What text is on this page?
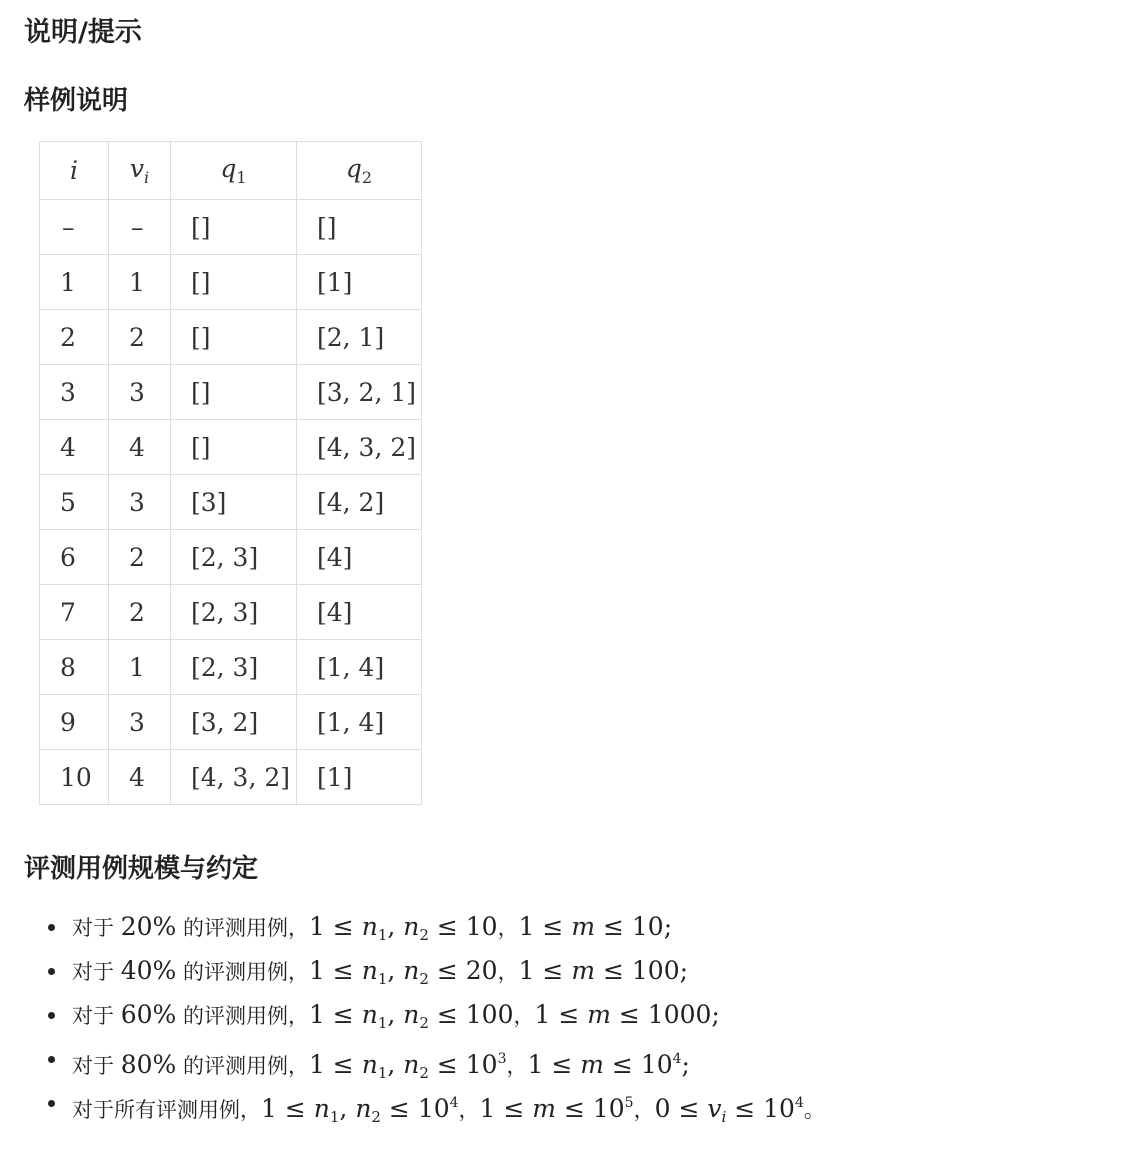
说明/提示
样例说明
i	$v_i$	$q_1$	$q_2$
–	–	[]	[]
1	1	[]	[1]
2	2	[]	[2, 1]
3	3	[]	[3, 2, 1]
4	4	[]	[4, 3, 2]
5	3	[3]	[4, 2]
6	2	[2, 3]	[4]
7	2	[2, 3]	[4]
8	1	[2, 3]	[1, 4]
9	3	[3, 2]	[1, 4]
10	4	[4, 3, 2]	[1]
评测用例规模与约定
对于 20% 的评测用例，$1 \le n_1$, $n_2 \le 10$，1 ≤ m ≤ 10;
对于 40% 的评测用例，$1 \le n_1$, $n_2 \le 20$，1 ≤ m ≤ 100;
对于 60% 的评测用例，$1 \le n_1$, $n_2 \le 100$，1 ≤ m ≤ 1000;
对于 80% 的评测用例，$1 \le n_1$, $n_2 \le 10^3$，$1 \le m \le 10^4$;
对于所有评测用例，$1 \le n_1$, $n_2 \le 10^4$，$1 \le m \le 10^5$，$0 \le v_i \le 10^4$。
